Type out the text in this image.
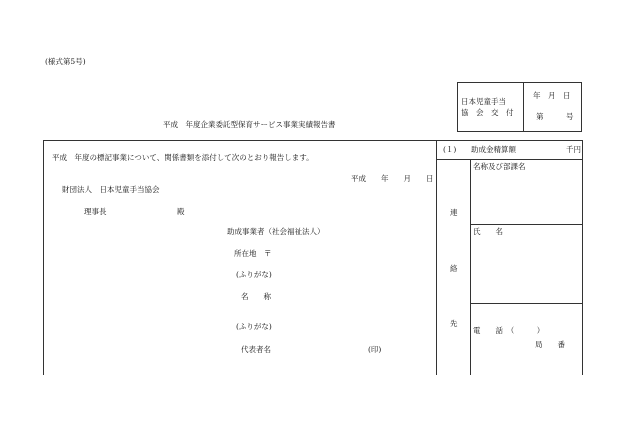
(様式第5号)
日本児童手当
協　会　交　付
年　月　日
第　　　号
平成　年度企業委託型保育サービス事業実績報告書
平成　年度の標記事業について、関係書類を添付して次のとおり報告します。
平成　　年　　月　　日
財団法人　日本児童手当協会
理事長	殿
助成事業者（社会福祉法人）
所在地　〒
(ふりがな)
名　　称
(ふりがな)
代表者名	(印)
(１) 助成金精算額	千円
連
絡
先
名称及び部課名
氏　　名
電　　話　（　　　）
局　　番
